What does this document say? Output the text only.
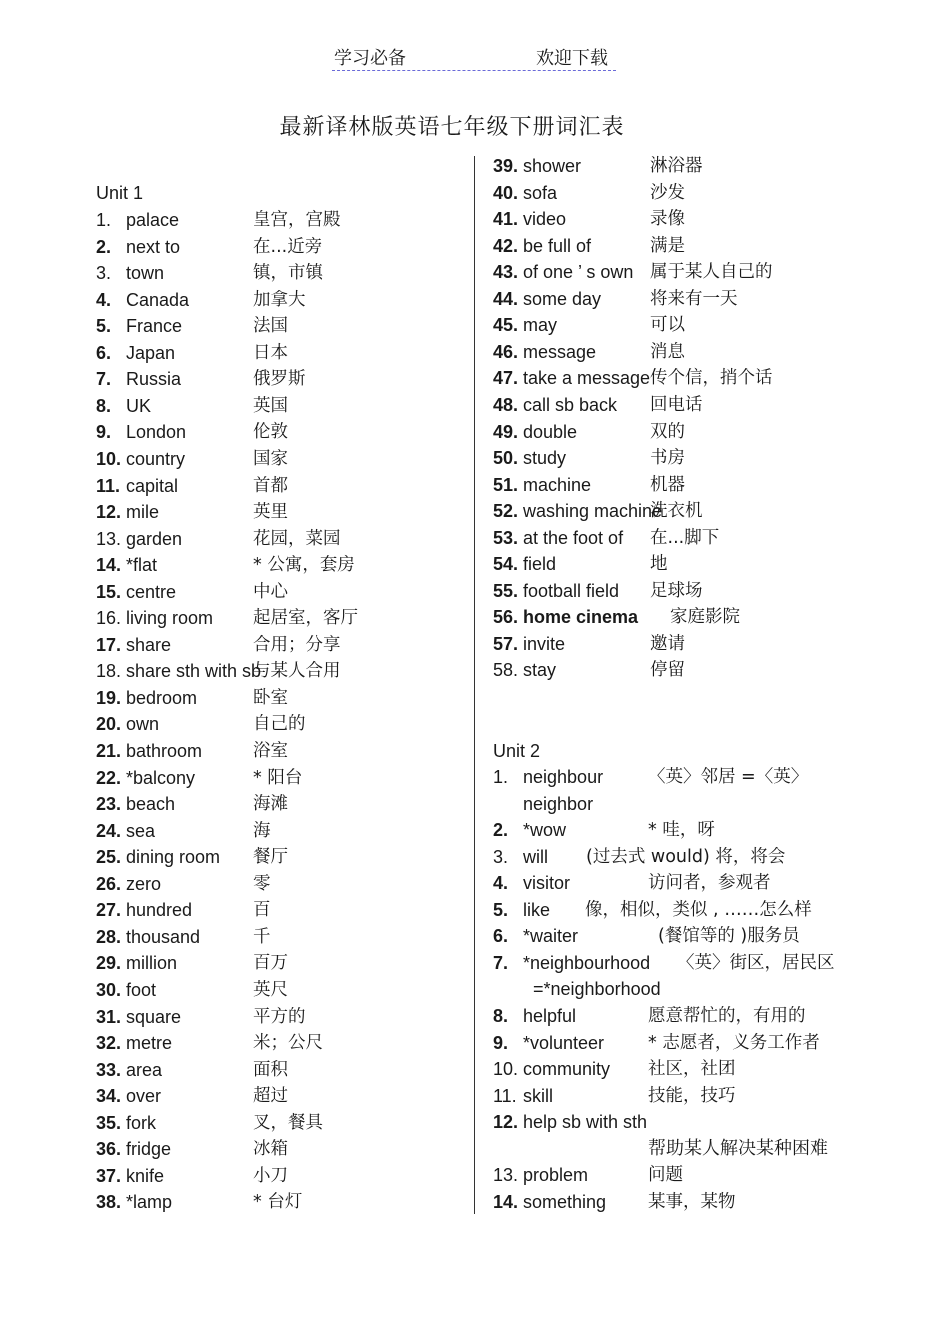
学习必备	欢迎下载
最新译林版英语七年级下册词汇表
Unit 1
1. palace	皇宫，宫殿
2. next to	在...近旁
3. town	镇，市镇
4. Canada	加拿大
5. France	法国
6. Japan	日本
7. Russia	俄罗斯
8. UK	英国
9. London	伦敦
10. country	国家
11. capital	首都
12. mile	英里
13. garden	花园，菜园
14. *flat	* 公寓，套房
15. centre	中心
16. living room 起居室，客厅
17. share	合用；分享
18. share sth with sb
与某人合用
19. bedroom	卧室
20. own	自己的
21. bathroom	浴室
22. *balcony	* 阳台
23. beach	海滩
24. sea	海
25. dining room 餐厅
26. zero	零
27. hundred	百
28. thousand	千
29. million	百万
30. foot	英尺
31. square	平方的
32. metre	米；公尺
33. area	面积
34. over	超过
35. fork	叉，餐具
36. fridge	冰箱
37. knife	小刀
38. *lamp	* 台灯
39. shower	淋浴器
40. sofa	沙发
41. video	录像
42. be full of	满是
43. of one ’ s own 属于某人自己的
44. some day	将来有一天
45. may	可以
46. message	消息
47. take a message 传个信，捎个话
48. call sb back 回电话
49. double	双的
50. study	书房
51. machine	机器
52. washing machine
洗衣机
53. at the foot of 在...脚下
54. field	地
55. football field 足球场
56. home cinema 家庭影院
57. invite	邀请
58. stay	停留
Unit 2
1. neighbour	〈英〉邻居 =〈英〉
neighbor
2. *wow	* 哇，呀
3. will (过去式 would) 将，将会
4. visitor	访问者，参观者
5. like 像，相似，类似 , ……怎么样
6. *waiter	(餐馆等的 )服务员
7. *neighbourhood 〈英〉街区，居民区
=*neighborhood
8. helpful	愿意帮忙的，有用的
9. *volunteer	* 志愿者，义务工作者
10. community 社区，社团
11. skill	技能，技巧
12. help sb with sth
帮助某人解决某种困难
13. problem	问题
14. something 某事，某物
